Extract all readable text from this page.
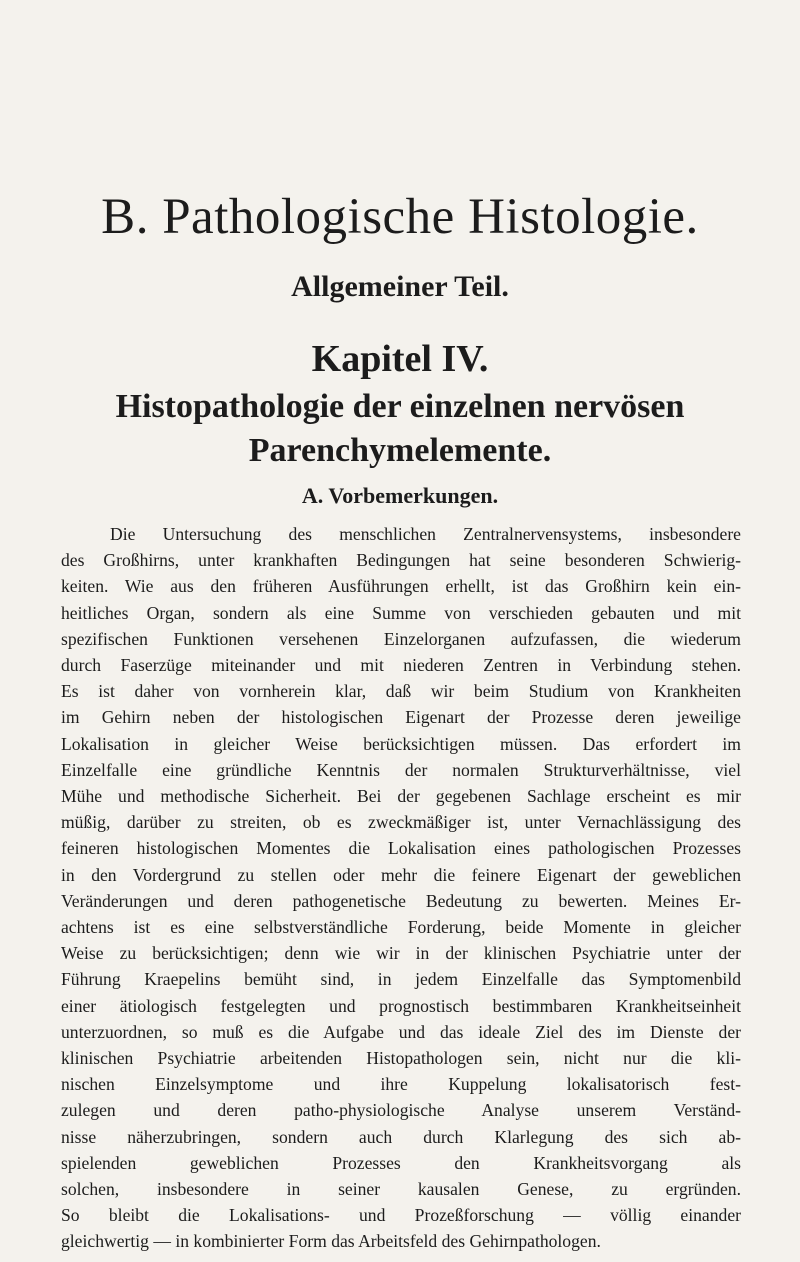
B. Pathologische Histologie.
Allgemeiner Teil.
Kapitel IV.
Histopathologie der einzelnen nervösen
Parenchymelemente.
A. Vorbemerkungen.
Die Untersuchung des menschlichen Zentralnervensystems, insbesondere
des Großhirns, unter krankhaften Bedingungen hat seine besonderen Schwierig-
keiten. Wie aus den früheren Ausführungen erhellt, ist das Großhirn kein ein-
heitliches Organ, sondern als eine Summe von verschieden gebauten und mit
spezifischen Funktionen versehenen Einzelorganen aufzufassen, die wiederum
durch Faserzüge miteinander und mit niederen Zentren in Verbindung stehen.
Es ist daher von vornherein klar, daß wir beim Studium von Krankheiten
im Gehirn neben der histologischen Eigenart der Prozesse deren jeweilige
Lokalisation in gleicher Weise berücksichtigen müssen. Das erfordert im
Einzelfalle eine gründliche Kenntnis der normalen Strukturverhältnisse, viel
Mühe und methodische Sicherheit. Bei der gegebenen Sachlage erscheint es mir
müßig, darüber zu streiten, ob es zweckmäßiger ist, unter Vernachlässigung des
feineren histologischen Momentes die Lokalisation eines pathologischen Prozesses
in den Vordergrund zu stellen oder mehr die feinere Eigenart der geweblichen
Veränderungen und deren pathogenetische Bedeutung zu bewerten. Meines Er-
achtens ist es eine selbstverständliche Forderung, beide Momente in gleicher
Weise zu berücksichtigen; denn wie wir in der klinischen Psychiatrie unter der
Führung Kraepelins bemüht sind, in jedem Einzelfalle das Symptomenbild
einer ätiologisch festgelegten und prognostisch bestimmbaren Krankheitseinheit
unterzuordnen, so muß es die Aufgabe und das ideale Ziel des im Dienste der
klinischen Psychiatrie arbeitenden Histopathologen sein, nicht nur die kli-
nischen Einzelsymptome und ihre Kuppelung lokalisatorisch fest-
zulegen und deren patho-physiologische Analyse unserem Verständ-
nisse näherzubringen, sondern auch durch Klarlegung des sich ab-
spielenden geweblichen Prozesses den Krankheitsvorgang als
solchen, insbesondere in seiner kausalen Genese, zu ergründen.
So bleibt die Lokalisations- und Prozeßforschung — völlig einander
gleichwertig — in kombinierter Form das Arbeitsfeld des Gehirnpathologen.
